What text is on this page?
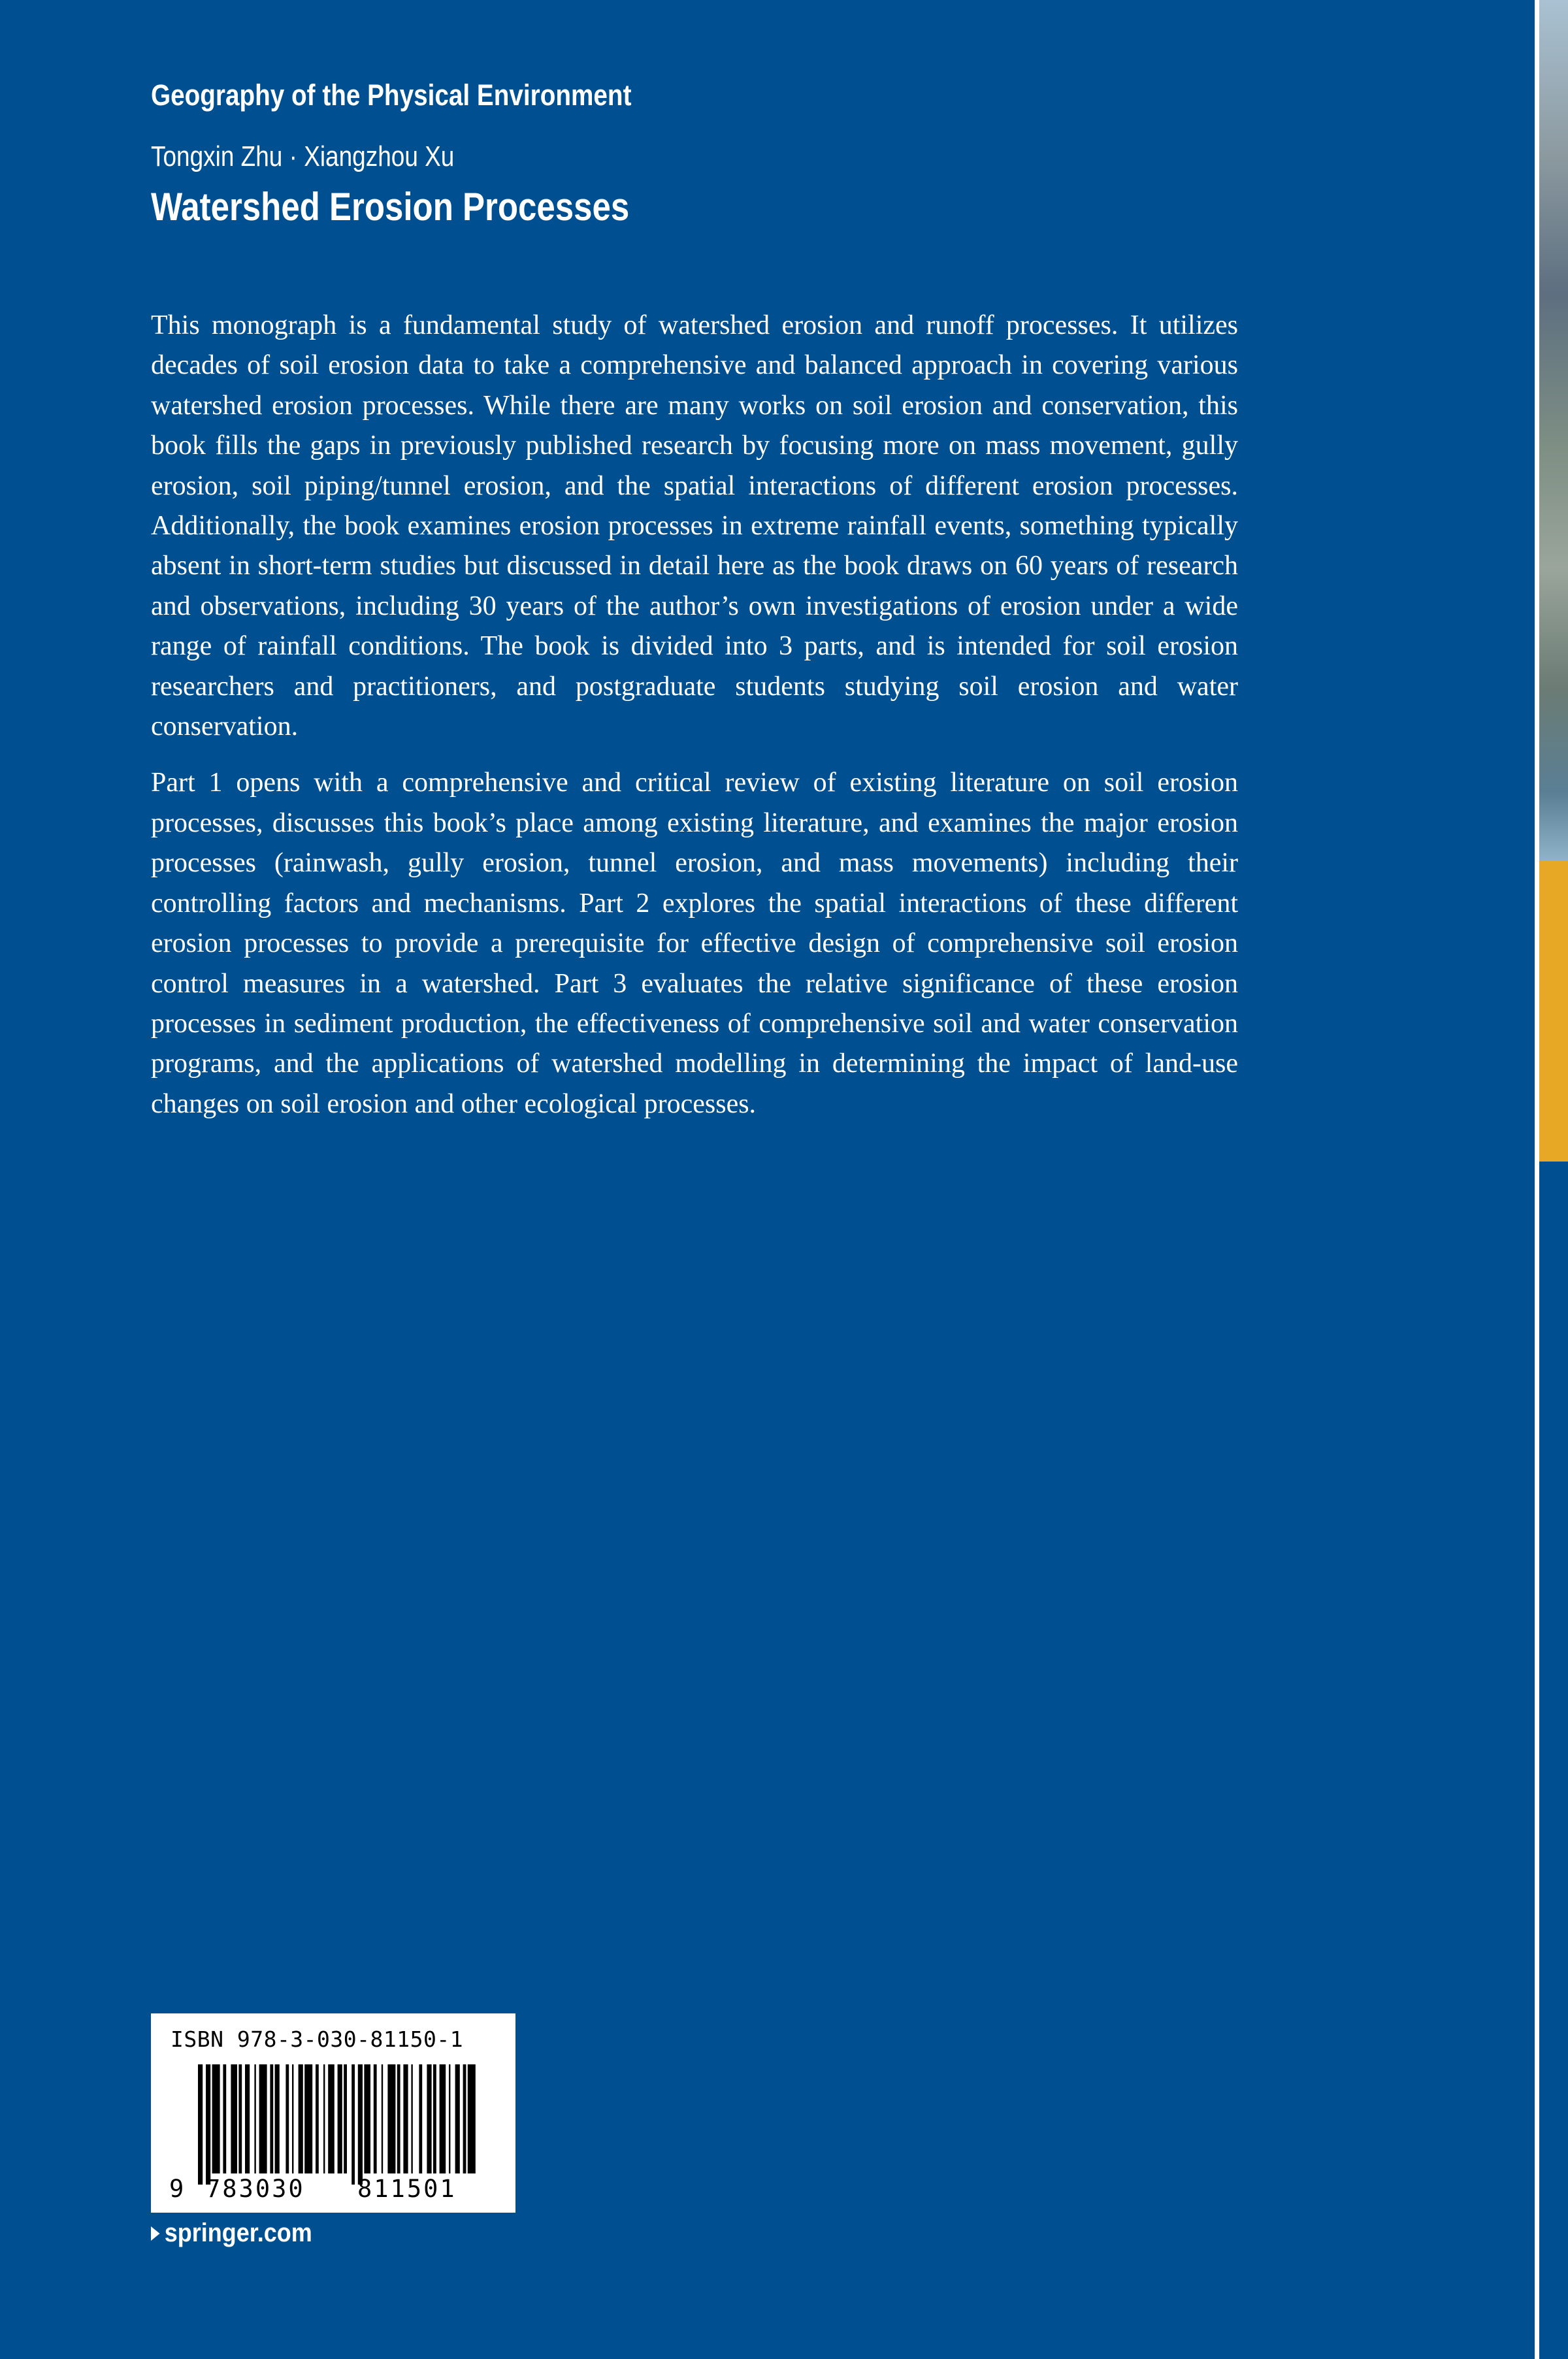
Geography of the Physical Environment
Tongxin Zhu · Xiangzhou Xu
Watershed Erosion Processes

This monograph is a fundamental study of watershed erosion and runoff processes. It utilizes decades of soil erosion data to take a comprehensive and balanced approach in covering various watershed erosion processes. While there are many works on soil erosion and conservation, this book fills the gaps in previously published research by focusing more on mass movement, gully erosion, soil piping/tunnel erosion, and the spatial interactions of different erosion processes. Additionally, the book examines erosion processes in extreme rainfall events, something typically absent in short-term studies but discussed in detail here as the book draws on 60 years of research and observations, including 30 years of the author’s own investigations of erosion under a wide range of rainfall conditions. The book is divided into 3 parts, and is intended for soil erosion researchers and practitioners, and postgraduate students studying soil erosion and water conservation.

Part 1 opens with a comprehensive and critical review of existing literature on soil erosion processes, discusses this book’s place among existing literature, and examines the major erosion processes (rainwash, gully erosion, tunnel erosion, and mass movements) including their controlling factors and mechanisms. Part 2 explores the spatial interactions of these different erosion processes to provide a prerequisite for effective design of comprehensive soil erosion control measures in a watershed. Part 3 evaluates the relative significance of these erosion processes in sediment production, the effectiveness of comprehensive soil and water conservation programs, and the applications of watershed modelling in determining the impact of land-use changes on soil erosion and other ecological processes.

ISBN 978-3-030-81150-1
9 783030 811501
springer.com
